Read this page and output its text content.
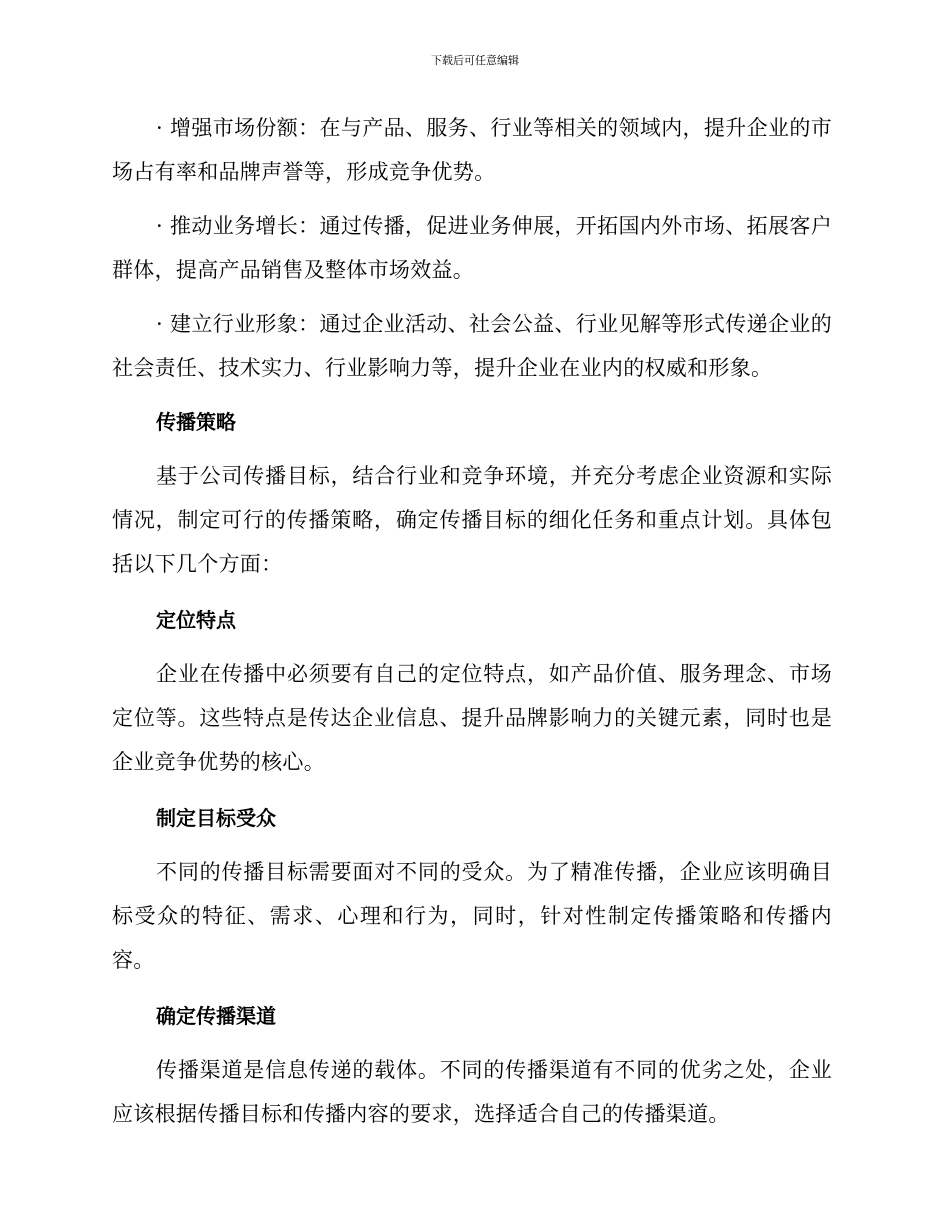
下载后可任意编辑

· 增强市场份额：在与产品、服务、行业等相关的领域内，提升企业的市场占有率和品牌声誉等，形成竞争优势。

· 推动业务增长：通过传播，促进业务伸展，开拓国内外市场、拓展客户群体，提高产品销售及整体市场效益。

· 建立行业形象：通过企业活动、社会公益、行业见解等形式传递企业的社会责任、技术实力、行业影响力等，提升企业在业内的权威和形象。

传播策略

基于公司传播目标，结合行业和竞争环境，并充分考虑企业资源和实际情况，制定可行的传播策略，确定传播目标的细化任务和重点计划。具体包括以下几个方面：

定位特点

企业在传播中必须要有自己的定位特点，如产品价值、服务理念、市场定位等。这些特点是传达企业信息、提升品牌影响力的关键元素，同时也是企业竞争优势的核心。

制定目标受众

不同的传播目标需要面对不同的受众。为了精准传播，企业应该明确目标受众的特征、需求、心理和行为，同时，针对性制定传播策略和传播内容。

确定传播渠道

传播渠道是信息传递的载体。不同的传播渠道有不同的优劣之处，企业应该根据传播目标和传播内容的要求，选择适合自己的传播渠道。
